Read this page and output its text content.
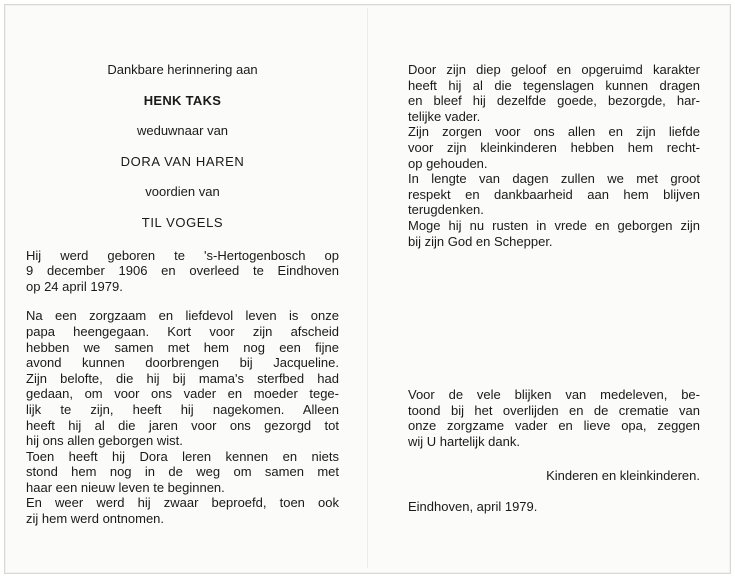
Dankbare herinnering aan

HENK TAKS

weduwnaar van

DORA VAN HAREN

voordien van

TIL VOGELS

Hij werd geboren te 's-Hertogenbosch op
9 december 1906 en overleed te Eindhoven
op 24 april 1979.
Na een zorgzaam en liefdevol leven is onze
papa heengegaan. Kort voor zijn afscheid
hebben we samen met hem nog een fijne
avond kunnen doorbrengen bij Jacqueline.
Zijn belofte, die hij bij mama's sterfbed had
gedaan, om voor ons vader en moeder tege-
lijk te zijn, heeft hij nagekomen. Alleen
heeft hij al die jaren voor ons gezorgd tot
hij ons allen geborgen wist.
Toen heeft hij Dora leren kennen en niets
stond hem nog in de weg om samen met
haar een nieuw leven te beginnen.
En weer werd hij zwaar beproefd, toen ook
zij hem werd ontnomen.
Door zijn diep geloof en opgeruimd karakter
heeft hij al die tegenslagen kunnen dragen
en bleef hij dezelfde goede, bezorgde, har-
telijke vader.
Zijn zorgen voor ons allen en zijn liefde
voor zijn kleinkinderen hebben hem recht-
op gehouden.
In lengte van dagen zullen we met groot
respekt en dankbaarheid aan hem blijven
terugdenken.
Moge hij nu rusten in vrede en geborgen zijn
bij zijn God en Schepper.
Voor de vele blijken van medeleven, be-
toond bij het overlijden en de crematie van
onze zorgzame vader en lieve opa, zeggen
wij U hartelijk dank.

Kinderen en kleinkinderen.

Eindhoven, april 1979.
